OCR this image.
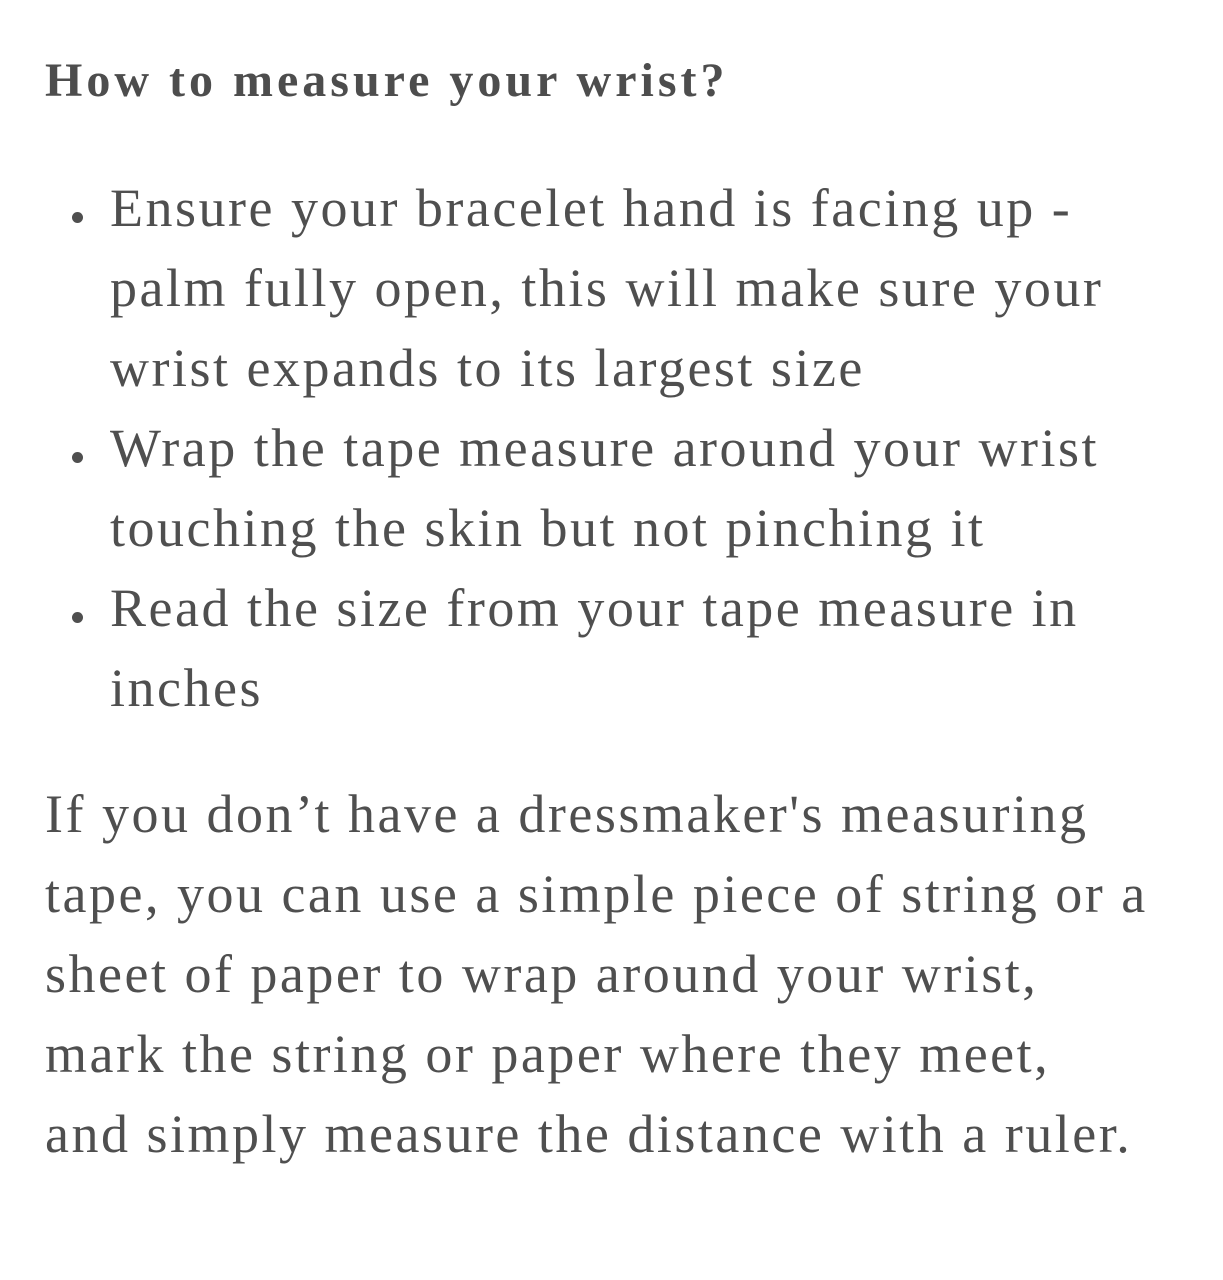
How to measure your wrist?
Ensure your bracelet hand is facing up -
palm fully open, this will make sure your
wrist expands to its largest size
Wrap the tape measure around your wrist
touching the skin but not pinching it
Read the size from your tape measure in
inches

If you don’t have a dressmaker's measuring
tape, you can use a simple piece of string or a
sheet of paper to wrap around your wrist,
mark the string or paper where they meet,
and simply measure the distance with a ruler.
